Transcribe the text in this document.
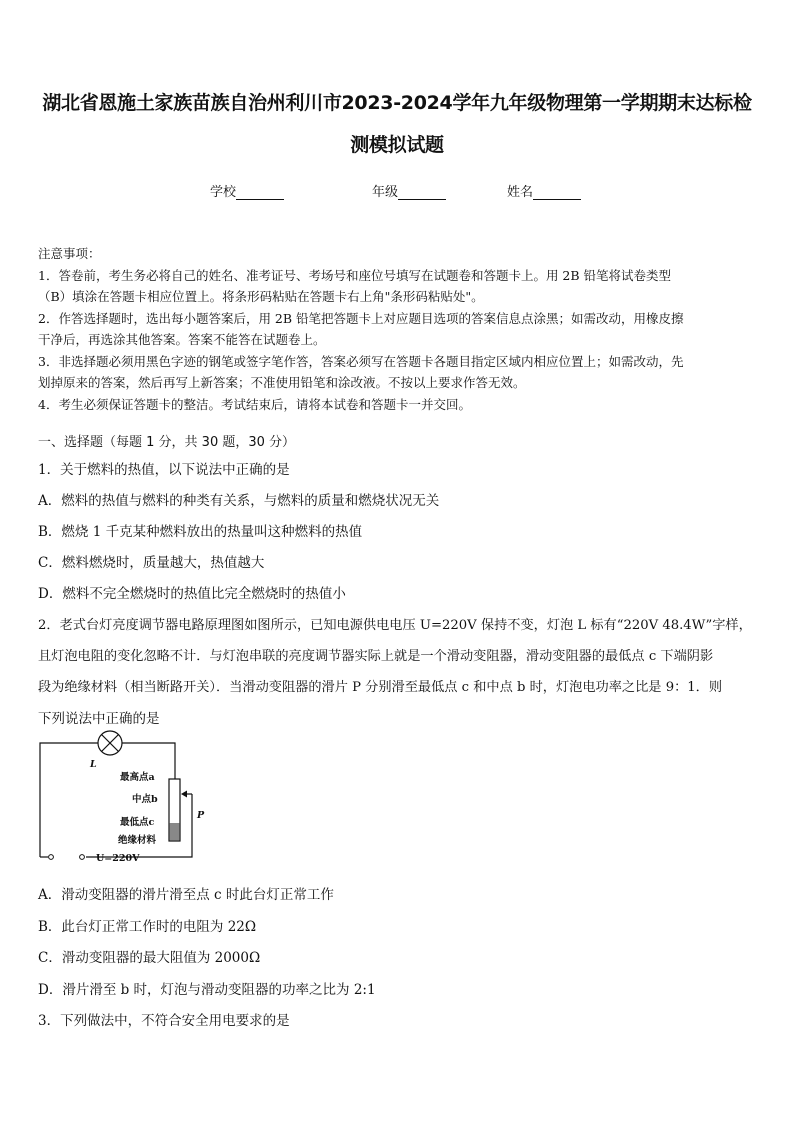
湖北省恩施土家族苗族自治州利川市2023-2024学年九年级物理第一学期期末达标检
测模拟试题
学校	年级	姓名
注意事项：
1．答卷前，考生务必将自己的姓名、准考证号、考场号和座位号填写在试题卷和答题卡上。用 2B 铅笔将试卷类型
（B）填涂在答题卡相应位置上。将条形码粘贴在答题卡右上角"条形码粘贴处"。
2．作答选择题时，选出每小题答案后，用 2B 铅笔把答题卡上对应题目选项的答案信息点涂黑；如需改动，用橡皮擦
干净后，再选涂其他答案。答案不能答在试题卷上。
3．非选择题必须用黑色字迹的钢笔或签字笔作答，答案必须写在答题卡各题目指定区域内相应位置上；如需改动，先
划掉原来的答案，然后再写上新答案；不准使用铅笔和涂改液。不按以上要求作答无效。
4．考生必须保证答题卡的整洁。考试结束后，请将本试卷和答题卡一并交回。
一、选择题（每题 1 分，共 30 题，30 分）
1．关于燃料的热值，以下说法中正确的是
A．燃料的热值与燃料的种类有关系，与燃料的质量和燃烧状况无关
B．燃烧 1 千克某种燃料放出的热量叫这种燃料的热值
C．燃料燃烧时，质量越大，热值越大
D．燃料不完全燃烧时的热值比完全燃烧时的热值小
2．老式台灯亮度调节器电路原理图如图所示，已知电源供电电压 U=220V 保持不变，灯泡 L 标有“220V 48.4W”字样，
且灯泡电阻的变化忽略不计．与灯泡串联的亮度调节器实际上就是一个滑动变阻器，滑动变阻器的最低点 c 下端阴影
段为绝缘材料（相当断路开关）．当滑动变阻器的滑片 P 分别滑至最低点 c 和中点 b 时，灯泡电功率之比是 9：1．则
下列说法中正确的是
L
最高点a
中点b
最低点c
绝缘材料
P
U=220V
A．滑动变阻器的滑片滑至点 c 时此台灯正常工作
B．此台灯正常工作时的电阻为 22Ω
C．滑动变阻器的最大阻值为 2000Ω
D．滑片滑至 b 时，灯泡与滑动变阻器的功率之比为 2:1
3．下列做法中，不符合安全用电要求的是
